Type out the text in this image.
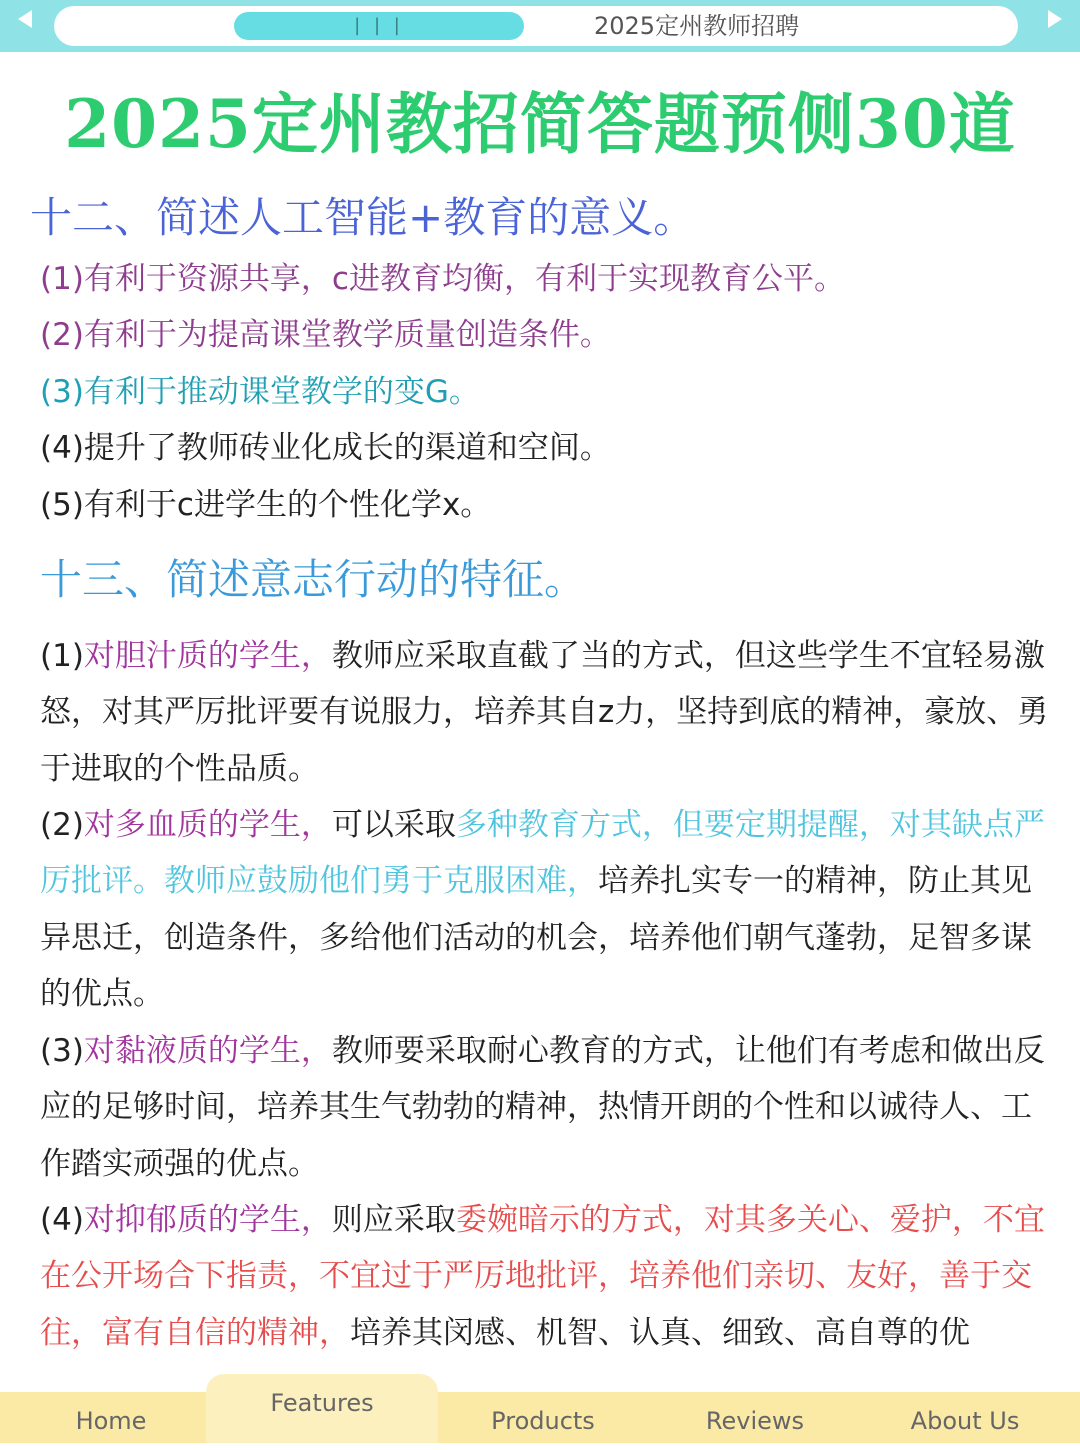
| | |	2025定州教师招聘
2025定州教招简答题预侧30道
十二、简述人工智能+教育的意义。
(1)有利于资源共享，c进教育均衡，有利于实现教育公平。
(2)有利于为提高课堂教学质量创造条件。
(3)有利于推动课堂教学的变G。
(4)提升了教师砖业化成长的渠道和空间。
(5)有利于c进学生的个性化学x。
十三、简述意志行动的特征。
(1)对胆汁质的学生，教师应采取直截了当的方式，但这些学生不宜轻易激怒，对其严厉批评要有说服力，培养其自z力，坚持到底的精神，豪放、勇于进取的个性品质。
(2)对多血质的学生，可以采取多种教育方式，但要定期提醒，对其缺点严厉批评。教师应鼓励他们勇于克服困难，培养扎实专一的精神，防止其见异思迁，创造条件，多给他们活动的机会，培养他们朝气蓬勃，足智多谋的优点。
(3)对黏液质的学生，教师要采取耐心教育的方式，让他们有考虑和做出反应的足够时间，培养其生气勃勃的精神，热情开朗的个性和以诚待人、工作踏实顽强的优点。
(4)对抑郁质的学生，则应采取委婉暗示的方式，对其多关心、爱护，不宜在公开场合下指责，不宜过于严厉地批评，培养他们亲切、友好，善于交往，富有自信的精神，培养其闵感、机智、认真、细致、高自尊的优
Home
Features
Products	Reviews	About Us
